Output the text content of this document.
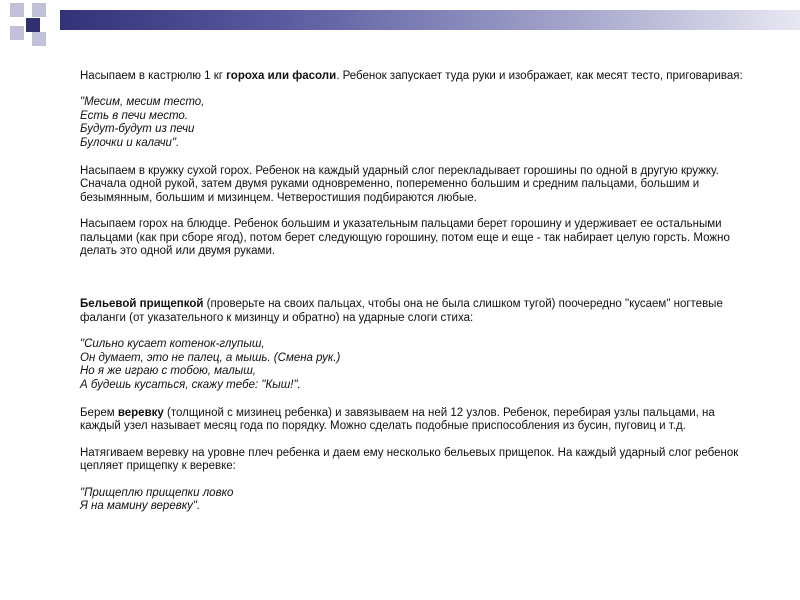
Насыпаем в кастрюлю 1 кг гороха или фасоли. Ребенок запускает туда руки и изображает, как месят тесто, приговаривая:

"Месим, месим тесто,
Есть в печи место.
Будут-будут из печи
Булочки и калачи".

Насыпаем в кружку сухой горох. Ребенок на каждый ударный слог перекладывает горошины по одной в другую кружку. Сначала одной рукой, затем двумя руками одновременно, попеременно большим и средним пальцами, большим и безымянным, большим и мизинцем. Четверостишия подбираются любые.

Насыпаем горох на блюдце. Ребенок большим и указательным пальцами берет горошину и удерживает ее остальными пальцами (как при сборе ягод), потом берет следующую горошину, потом еще и еще - так набирает целую горсть. Можно делать это одной или двумя руками.

Бельевой прищепкой (проверьте на своих пальцах, чтобы она не была слишком тугой) поочередно "кусаем" ногтевые фаланги (от указательного к мизинцу и обратно) на ударные слоги стиха:

"Сильно кусает котенок-глупыш,
Он думает, это не палец, а мышь. (Смена рук.)
Но я же играю с тобою, малыш,
А будешь кусаться, скажу тебе: "Кыш!".

Берем веревку (толщиной с мизинец ребенка) и завязываем на ней 12 узлов. Ребенок, перебирая узлы пальцами, на каждый узел называет месяц года по порядку. Можно сделать подобные приспособления из бусин, пуговиц и т.д.

Натягиваем веревку на уровне плеч ребенка и даем ему несколько бельевых прищепок. На каждый ударный слог ребенок цепляет прищепку к веревке:

"Прищеплю прищепки ловко
Я на мамину веревку".
